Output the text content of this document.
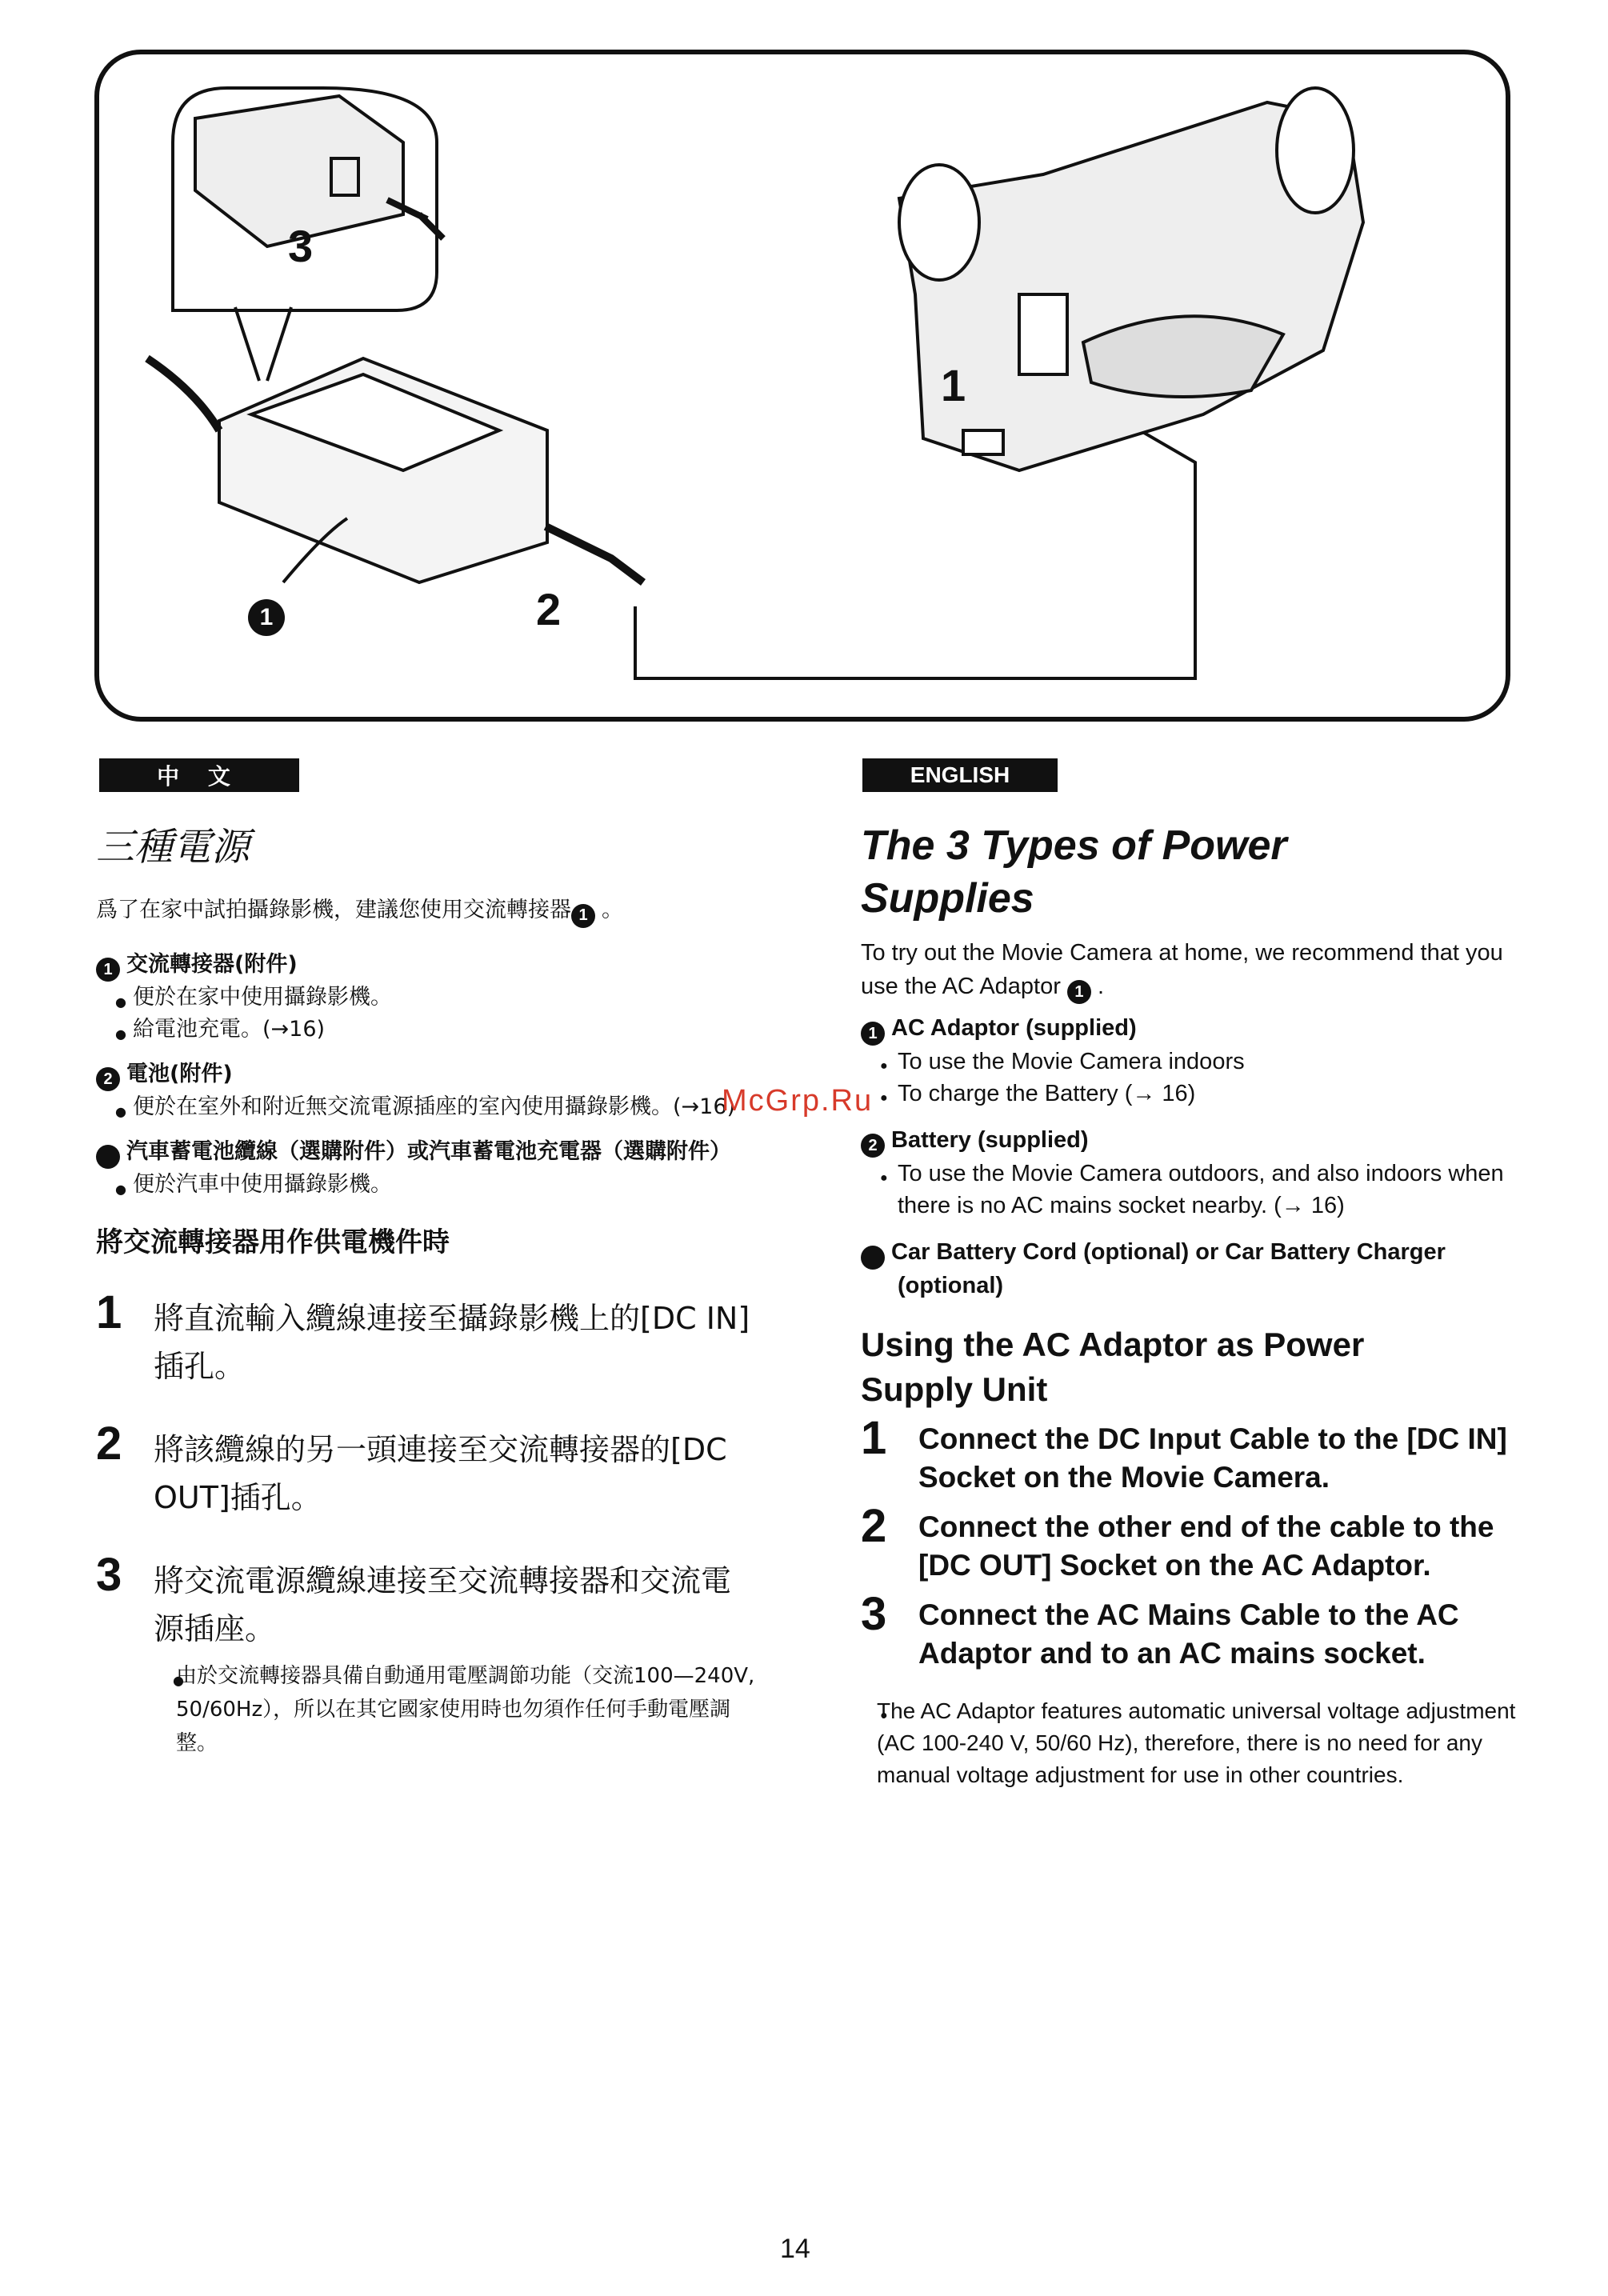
3
1
2
1
中 文
三種電源
爲了在家中試拍攝錄影機，建議您使用交流轉接器 1 。
1 交流轉接器(附件)
● 便於在家中使用攝錄影機。
● 給電池充電。(→16)
2 電池(附件)
● 便於在室外和附近無交流電源插座的室內使用攝錄影機。(→16)
3 汽車蓄電池纜線（選購附件）或汽車蓄電池充電器（選購附件）
● 便於汽車中使用攝錄影機。
將交流轉接器用作供電機件時
1 將直流輸入纜線連接至攝錄影機上的[DC IN]插孔。
2 將該纜線的另一頭連接至交流轉接器的[DC OUT]插孔。
3 將交流電源纜線連接至交流轉接器和交流電源插座。
● 由於交流轉接器具備自動通用電壓調節功能（交流100—240V, 50/60Hz），所以在其它國家使用時也勿須作任何手動電壓調整。
ENGLISH
The 3 Types of Power Supplies
To try out the Movie Camera at home, we recommend that you use the AC Adaptor 1 .
1 AC Adaptor (supplied)
● To use the Movie Camera indoors
● To charge the Battery (→ 16)
2 Battery (supplied)
● To use the Movie Camera outdoors, and also indoors when there is no AC mains socket nearby. (→ 16)
3 Car Battery Cord (optional) or Car Battery Charger (optional)
Using the AC Adaptor as Power Supply Unit
1 Connect the DC Input Cable to the [DC IN] Socket on the Movie Camera.
2 Connect the other end of the cable to the [DC OUT] Socket on the AC Adaptor.
3 Connect the AC Mains Cable to the AC Adaptor and to an AC mains socket.
● The AC Adaptor features automatic universal voltage adjustment (AC 100-240 V, 50/60 Hz), therefore, there is no need for any manual voltage adjustment for use in other countries.
McGrp.Ru
14
